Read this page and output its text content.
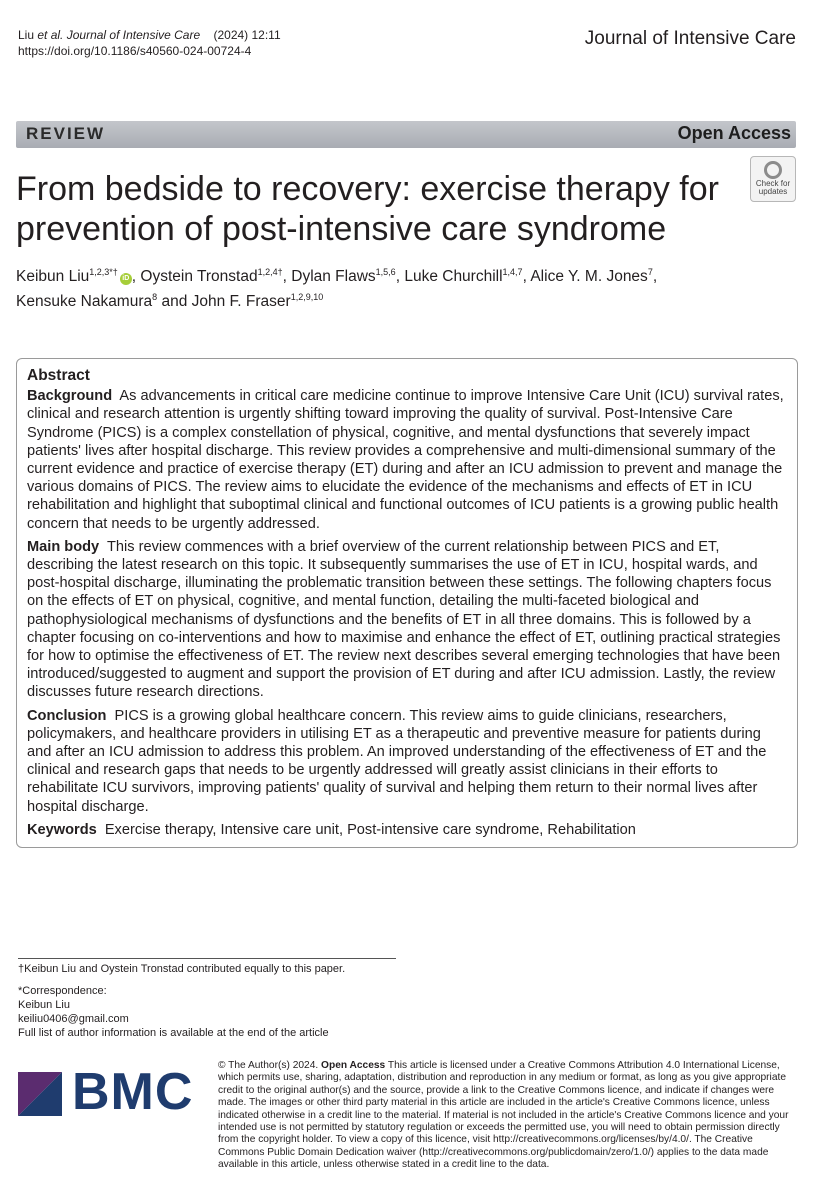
Liu et al. Journal of Intensive Care (2024) 12:11
https://doi.org/10.1186/s40560-024-00724-4
Journal of Intensive Care
REVIEW	Open Access
From bedside to recovery: exercise therapy for prevention of post-intensive care syndrome
Check for
updates
Keibun Liu$^{1,2,3*\dagger}$iD , Oystein Tronstad$^{1,2,4\dagger}$, Dylan Flaws$^{1,5,6}$, Luke Churchill$^{1,4,7}$, Alice Y. M. Jones$^7$,
Kensuke Nakamura$^8$ and John F. Fraser$^{1,2,9,10}$
Abstract

Background As advancements in critical care medicine continue to improve Intensive Care Unit (ICU) survival rates, clinical and research attention is urgently shifting toward improving the quality of survival. Post-Intensive Care Syndrome (PICS) is a complex constellation of physical, cognitive, and mental dysfunctions that severely impact patients' lives after hospital discharge. This review provides a comprehensive and multi-dimensional summary of the current evidence and practice of exercise therapy (ET) during and after an ICU admission to prevent and manage the various domains of PICS. The review aims to elucidate the evidence of the mechanisms and effects of ET in ICU rehabilitation and highlight that suboptimal clinical and functional outcomes of ICU patients is a growing public health concern that needs to be urgently addressed.

Main body This review commences with a brief overview of the current relationship between PICS and ET, describing the latest research on this topic. It subsequently summarises the use of ET in ICU, hospital wards, and post-hospital discharge, illuminating the problematic transition between these settings. The following chapters focus on the effects of ET on physical, cognitive, and mental function, detailing the multi-faceted biological and pathophysiological mechanisms of dysfunctions and the benefits of ET in all three domains. This is followed by a chapter focusing on co-interventions and how to maximise and enhance the effect of ET, outlining practical strategies for how to optimise the effectiveness of ET. The review next describes several emerging technologies that have been introduced/suggested to augment and support the provision of ET during and after ICU admission. Lastly, the review discusses future research directions.

Conclusion PICS is a growing global healthcare concern. This review aims to guide clinicians, researchers, policymakers, and healthcare providers in utilising ET as a therapeutic and preventive measure for patients during and after an ICU admission to address this problem. An improved understanding of the effectiveness of ET and the clinical and research gaps that needs to be urgently addressed will greatly assist clinicians in their efforts to rehabilitate ICU survivors, improving patients' quality of survival and helping them return to their normal lives after hospital discharge.

Keywords Exercise therapy, Intensive care unit, Post-intensive care syndrome, Rehabilitation

†Keibun Liu and Oystein Tronstad contributed equally to this paper.
*Correspondence:
Keibun Liu
keiliu0406@gmail.com
Full list of author information is available at the end of the article
BMC © The Author(s) 2024. Open Access This article is licensed under a Creative Commons Attribution 4.0 International License, which permits use, sharing, adaptation, distribution and reproduction in any medium or format, as long as you give appropriate credit to the original author(s) and the source, provide a link to the Creative Commons licence, and indicate if changes were made. The images or other third party material in this article are included in the article's Creative Commons licence, unless indicated otherwise in a credit line to the material. If material is not included in the article's Creative Commons licence and your intended use is not permitted by statutory regulation or exceeds the permitted use, you will need to obtain permission directly from the copyright holder. To view a copy of this licence, visit http://creativecommons.org/licenses/by/4.0/. The Creative Commons Public Domain Dedication waiver (http://creativecommons.org/publicdomain/zero/1.0/) applies to the data made available in this article, unless otherwise stated in a credit line to the data.
